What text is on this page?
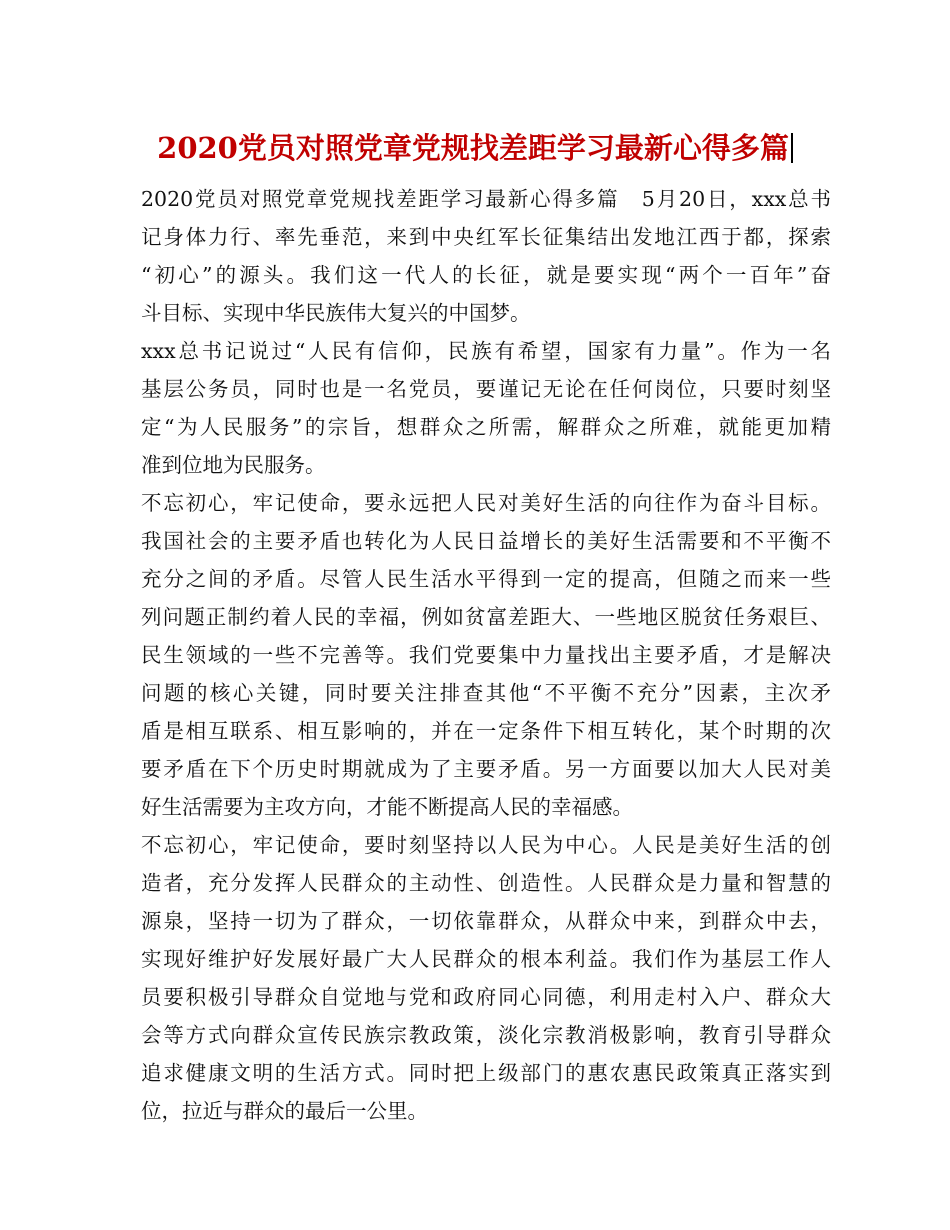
2020党员对照党章党规找差距学习最新心得多篇
2020党员对照党章党规找差距学习最新心得多篇　5月20日，xxx总书
记身体力行、率先垂范，来到中央红军长征集结出发地江西于都，探索
“初心”的源头。我们这一代人的长征，就是要实现“两个一百年”奋
斗目标、实现中华民族伟大复兴的中国梦。
xxx总书记说过“人民有信仰，民族有希望，国家有力量”。作为一名
基层公务员，同时也是一名党员，要谨记无论在任何岗位，只要时刻坚
定“为人民服务”的宗旨，想群众之所需，解群众之所难，就能更加精
准到位地为民服务。
不忘初心，牢记使命，要永远把人民对美好生活的向往作为奋斗目标。
我国社会的主要矛盾也转化为人民日益增长的美好生活需要和不平衡不
充分之间的矛盾。尽管人民生活水平得到一定的提高，但随之而来一些
列问题正制约着人民的幸福，例如贫富差距大、一些地区脱贫任务艰巨、
民生领域的一些不完善等。我们党要集中力量找出主要矛盾，才是解决
问题的核心关键，同时要关注排查其他“不平衡不充分”因素，主次矛
盾是相互联系、相互影响的，并在一定条件下相互转化，某个时期的次
要矛盾在下个历史时期就成为了主要矛盾。另一方面要以加大人民对美
好生活需要为主攻方向，才能不断提高人民的幸福感。
不忘初心，牢记使命，要时刻坚持以人民为中心。人民是美好生活的创
造者，充分发挥人民群众的主动性、创造性。人民群众是力量和智慧的
源泉，坚持一切为了群众，一切依靠群众，从群众中来，到群众中去，
实现好维护好发展好最广大人民群众的根本利益。我们作为基层工作人
员要积极引导群众自觉地与党和政府同心同德，利用走村入户、群众大
会等方式向群众宣传民族宗教政策，淡化宗教消极影响，教育引导群众
追求健康文明的生活方式。同时把上级部门的惠农惠民政策真正落实到
位，拉近与群众的最后一公里。
